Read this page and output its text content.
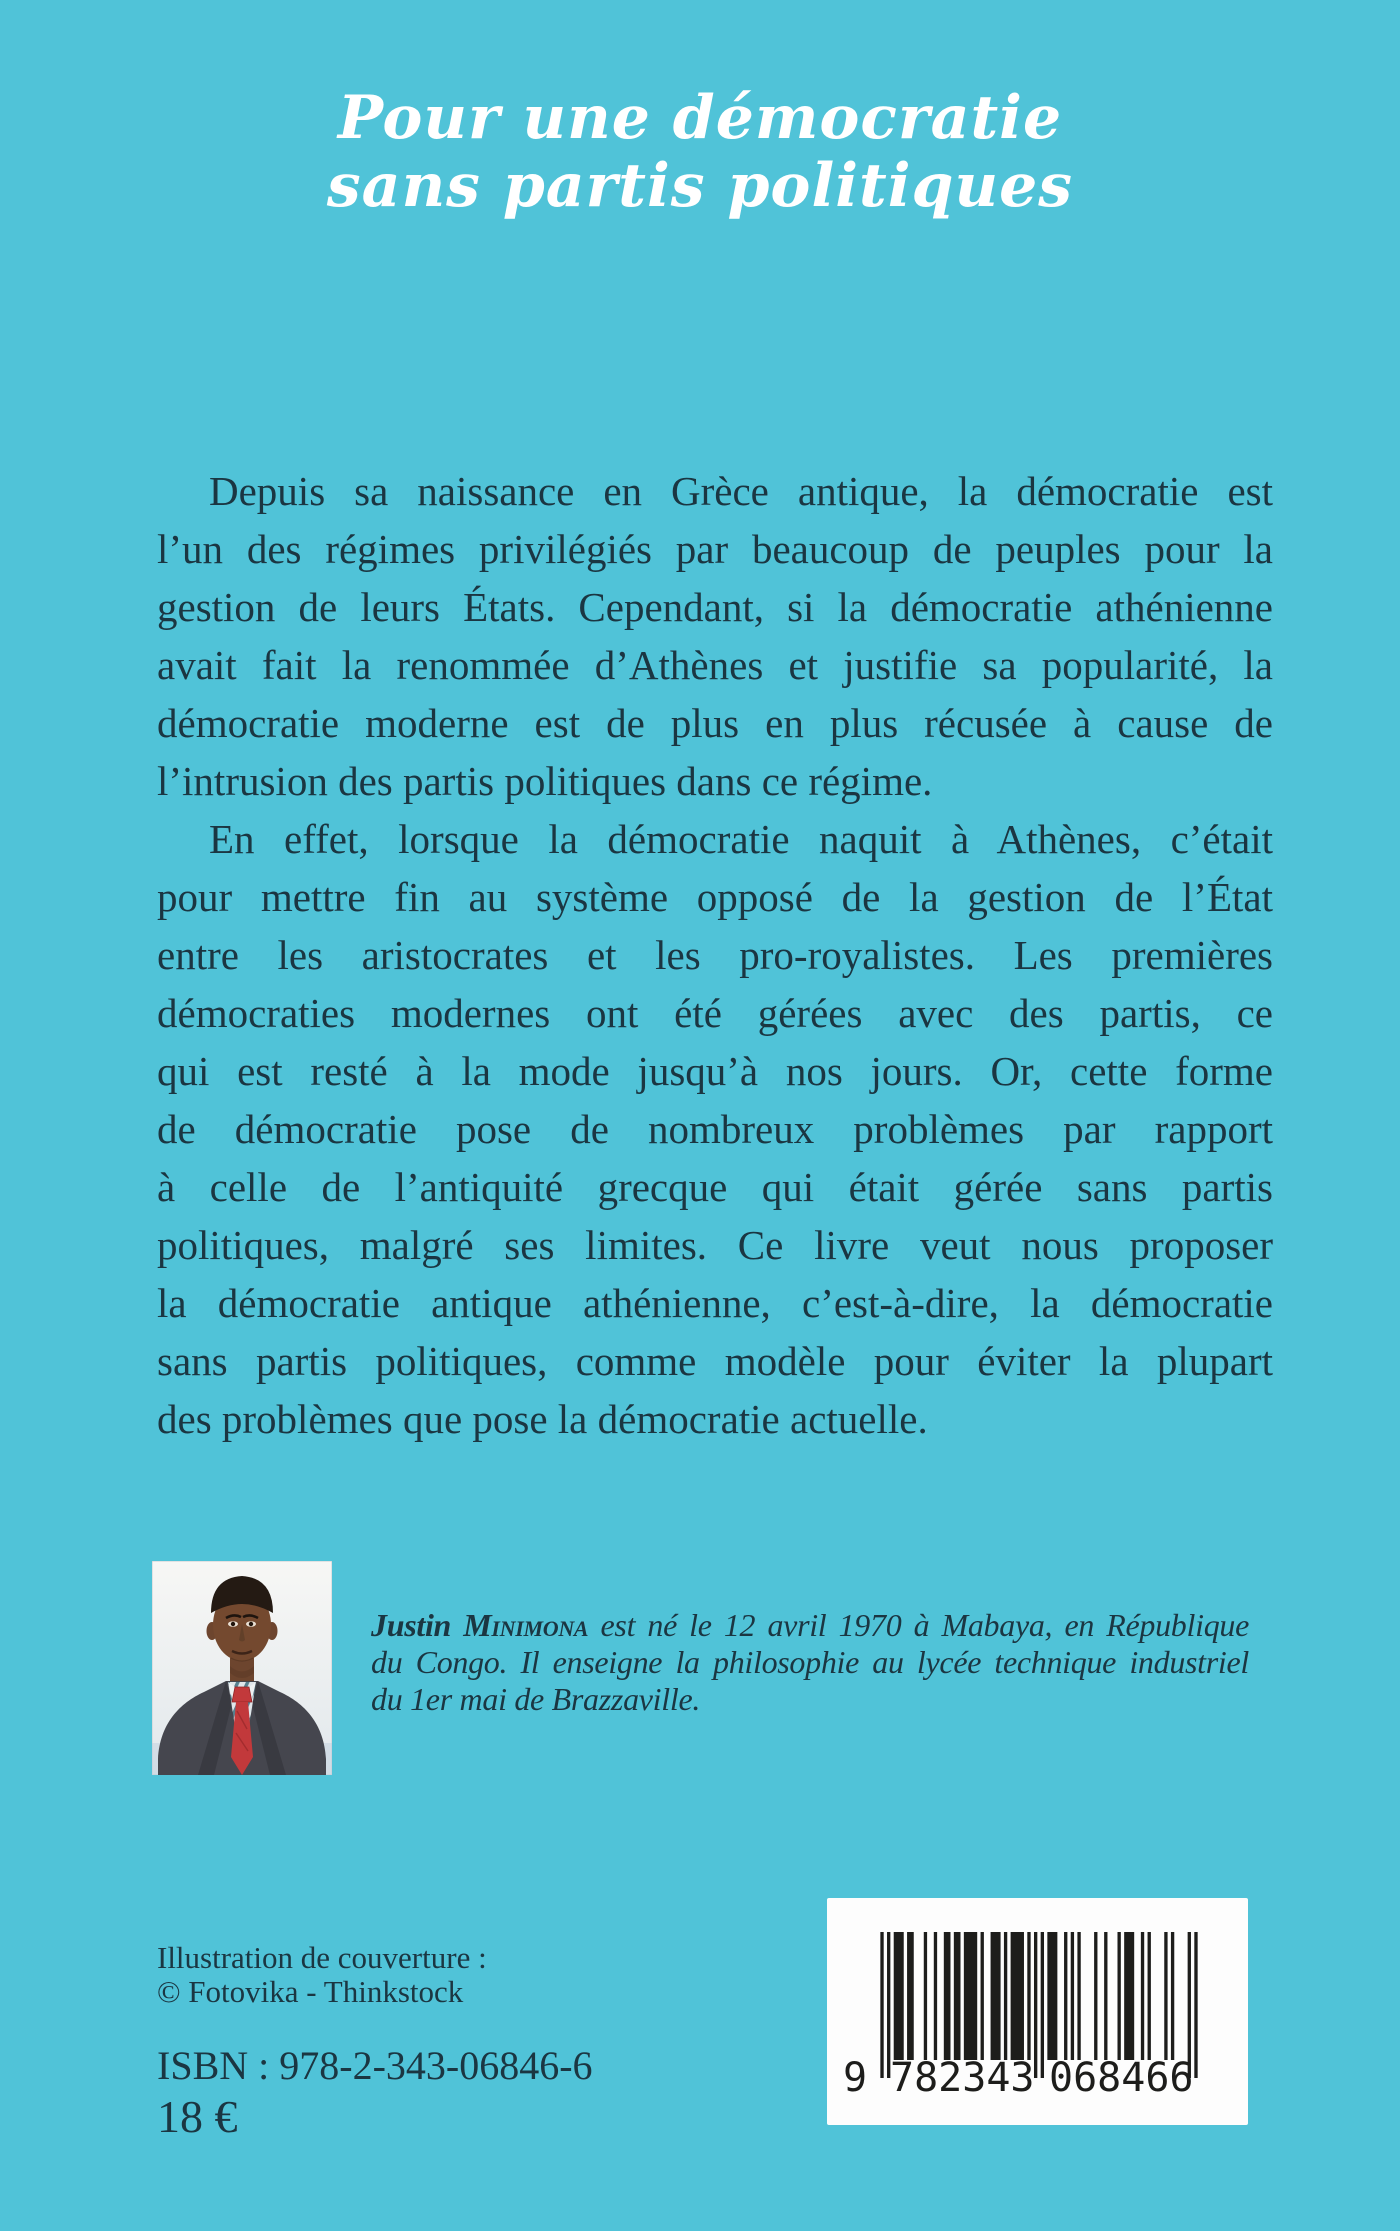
Pour une démocratie
sans partis politiques
Depuis sa naissance en Grèce antique, la démocratie est
l’un des régimes privilégiés par beaucoup de peuples pour la
gestion de leurs États. Cependant, si la démocratie athénienne
avait fait la renommée d’Athènes et justifie sa popularité, la
démocratie moderne est de plus en plus récusée à cause de
l’intrusion des partis politiques dans ce régime.
En effet, lorsque la démocratie naquit à Athènes, c’était
pour mettre fin au système opposé de la gestion de l’État
entre les aristocrates et les pro-royalistes. Les premières
démocraties modernes ont été gérées avec des partis, ce
qui est resté à la mode jusqu’à nos jours. Or, cette forme
de démocratie pose de nombreux problèmes par rapport
à celle de l’antiquité grecque qui était gérée sans partis
politiques, malgré ses limites. Ce livre veut nous proposer
la démocratie antique athénienne, c’est-à-dire, la démocratie
sans partis politiques, comme modèle pour éviter la plupart
des problèmes que pose la démocratie actuelle.
Justin Minimona est né le 12 avril 1970 à Mabaya, en République
du Congo. Il enseigne la philosophie au lycée technique industriel
du 1er mai de Brazzaville.
Illustration de couverture :
© Fotovika - Thinkstock
ISBN : 978-2-343-06846-6
18 €
9 782343 068466
